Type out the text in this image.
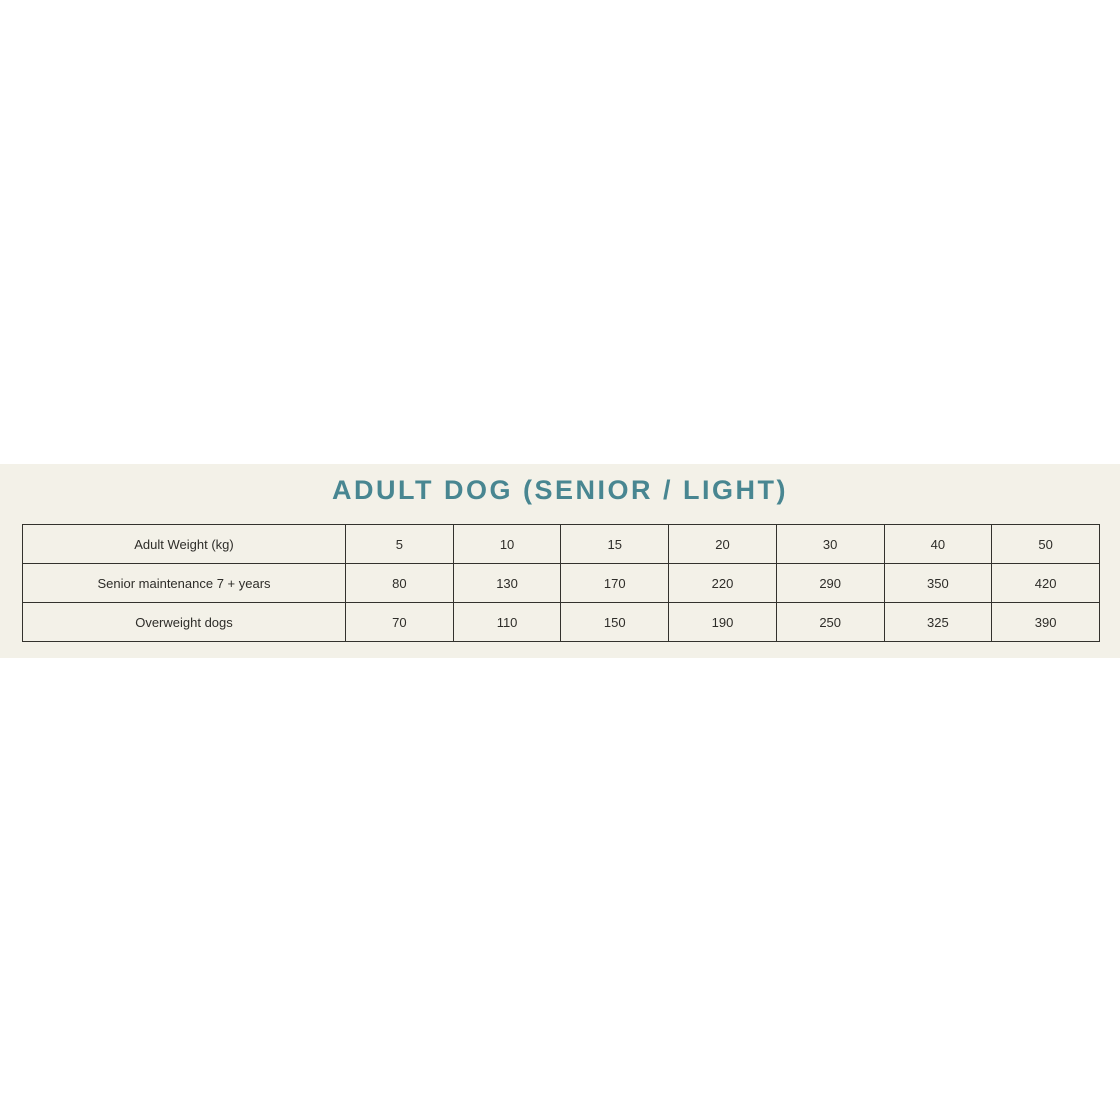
ADULT DOG (SENIOR / LIGHT)
Adult Weight (kg)	5	10	15	20	30	40	50
Senior maintenance 7 + years	80	130	170	220	290	350	420
Overweight dogs	70	110	150	190	250	325	390
